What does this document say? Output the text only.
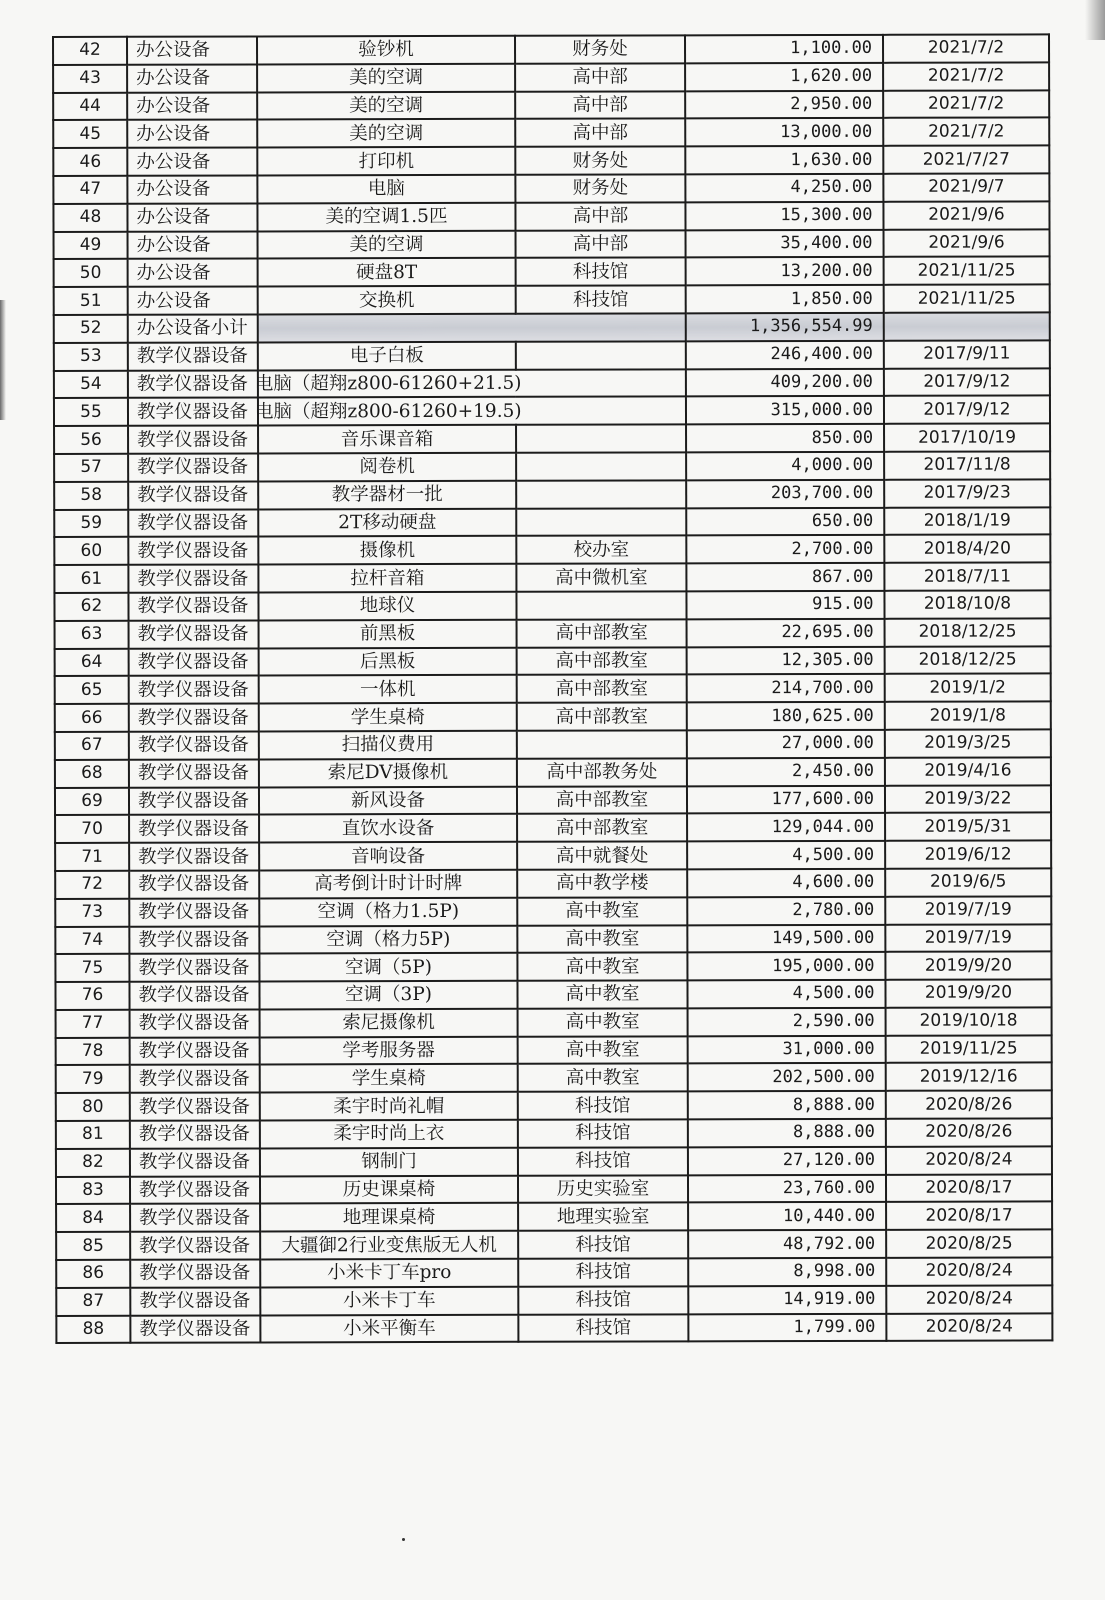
42	办公设备	验钞机	财务处	1,100.00	2021/7/2
43	办公设备	美的空调	高中部	1,620.00	2021/7/2
44	办公设备	美的空调	高中部	2,950.00	2021/7/2
45	办公设备	美的空调	高中部	13,000.00	2021/7/2
46	办公设备	打印机	财务处	1,630.00	2021/7/27
47	办公设备	电脑	财务处	4,250.00	2021/9/7
48	办公设备	美的空调1.5匹	高中部	15,300.00	2021/9/6
49	办公设备	美的空调	高中部	35,400.00	2021/9/6
50	办公设备	硬盘8T	科技馆	13,200.00	2021/11/25
51	办公设备	交换机	科技馆	1,850.00	2021/11/25
52	办公设备小计			1,356,554.99	
53	教学仪器设备	电子白板		246,400.00	2017/9/11
54	教学仪器设备	电脑（超翔z800-61260+21.5)		409,200.00	2017/9/12
55	教学仪器设备	电脑（超翔z800-61260+19.5)		315,000.00	2017/9/12
56	教学仪器设备	音乐课音箱		850.00	2017/10/19
57	教学仪器设备	阅卷机		4,000.00	2017/11/8
58	教学仪器设备	教学器材一批		203,700.00	2017/9/23
59	教学仪器设备	2T移动硬盘		650.00	2018/1/19
60	教学仪器设备	摄像机	校办室	2,700.00	2018/4/20
61	教学仪器设备	拉杆音箱	高中微机室	867.00	2018/7/11
62	教学仪器设备	地球仪		915.00	2018/10/8
63	教学仪器设备	前黑板	高中部教室	22,695.00	2018/12/25
64	教学仪器设备	后黑板	高中部教室	12,305.00	2018/12/25
65	教学仪器设备	一体机	高中部教室	214,700.00	2019/1/2
66	教学仪器设备	学生桌椅	高中部教室	180,625.00	2019/1/8
67	教学仪器设备	扫描仪费用		27,000.00	2019/3/25
68	教学仪器设备	索尼DV摄像机	高中部教务处	2,450.00	2019/4/16
69	教学仪器设备	新风设备	高中部教室	177,600.00	2019/3/22
70	教学仪器设备	直饮水设备	高中部教室	129,044.00	2019/5/31
71	教学仪器设备	音响设备	高中就餐处	4,500.00	2019/6/12
72	教学仪器设备	高考倒计时计时牌	高中教学楼	4,600.00	2019/6/5
73	教学仪器设备	空调（格力1.5P)	高中教室	2,780.00	2019/7/19
74	教学仪器设备	空调（格力5P)	高中教室	149,500.00	2019/7/19
75	教学仪器设备	空调（5P)	高中教室	195,000.00	2019/9/20
76	教学仪器设备	空调（3P)	高中教室	4,500.00	2019/9/20
77	教学仪器设备	索尼摄像机	高中教室	2,590.00	2019/10/18
78	教学仪器设备	学考服务器	高中教室	31,000.00	2019/11/25
79	教学仪器设备	学生桌椅	高中教室	202,500.00	2019/12/16
80	教学仪器设备	柔宇时尚礼帽	科技馆	8,888.00	2020/8/26
81	教学仪器设备	柔宇时尚上衣	科技馆	8,888.00	2020/8/26
82	教学仪器设备	钢制门	科技馆	27,120.00	2020/8/24
83	教学仪器设备	历史课桌椅	历史实验室	23,760.00	2020/8/17
84	教学仪器设备	地理课桌椅	地理实验室	10,440.00	2020/8/17
85	教学仪器设备	大疆御2行业变焦版无人机	科技馆	48,792.00	2020/8/25
86	教学仪器设备	小米卡丁车pro	科技馆	8,998.00	2020/8/24
87	教学仪器设备	小米卡丁车	科技馆	14,919.00	2020/8/24
88	教学仪器设备	小米平衡车	科技馆	1,799.00	2020/8/24
